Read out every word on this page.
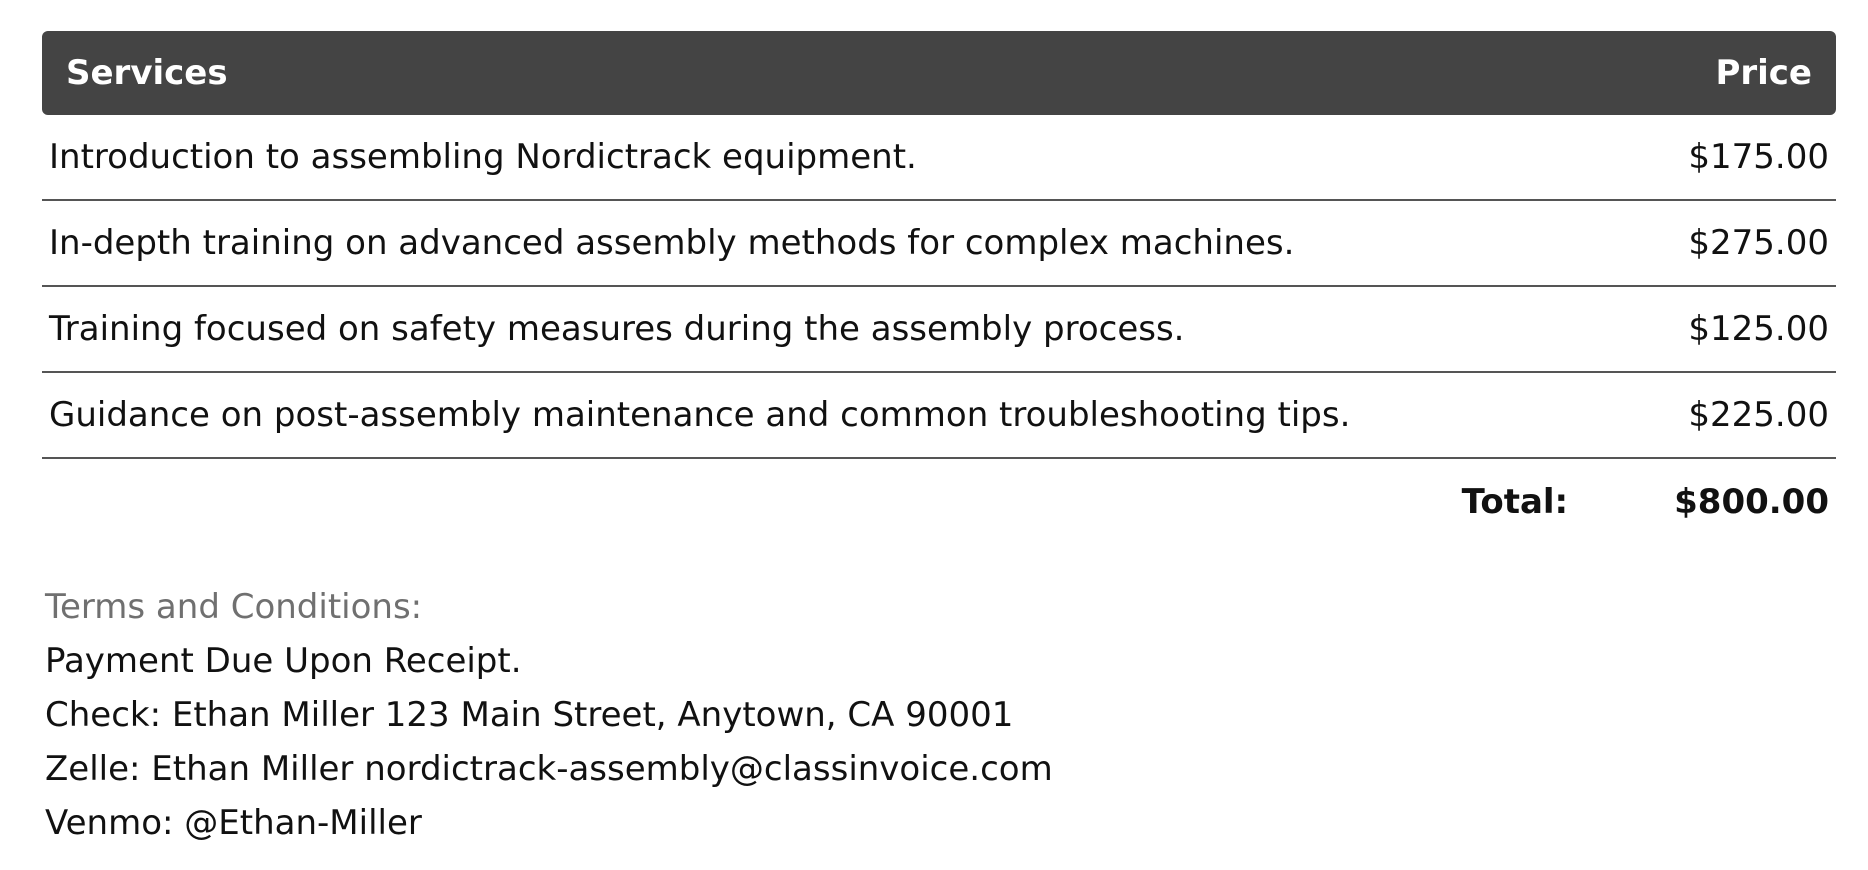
Services	Price
Introduction to assembling Nordictrack equipment.	$175.00
In-depth training on advanced assembly methods for complex machines.	$275.00
Training focused on safety measures during the assembly process.	$125.00
Guidance on post-assembly maintenance and common troubleshooting tips.	$225.00
Total:	$800.00
Terms and Conditions:
Payment Due Upon Receipt.
Check: Ethan Miller 123 Main Street, Anytown, CA 90001
Zelle: Ethan Miller nordictrack-assembly@classinvoice.com
Venmo: @Ethan-Miller
